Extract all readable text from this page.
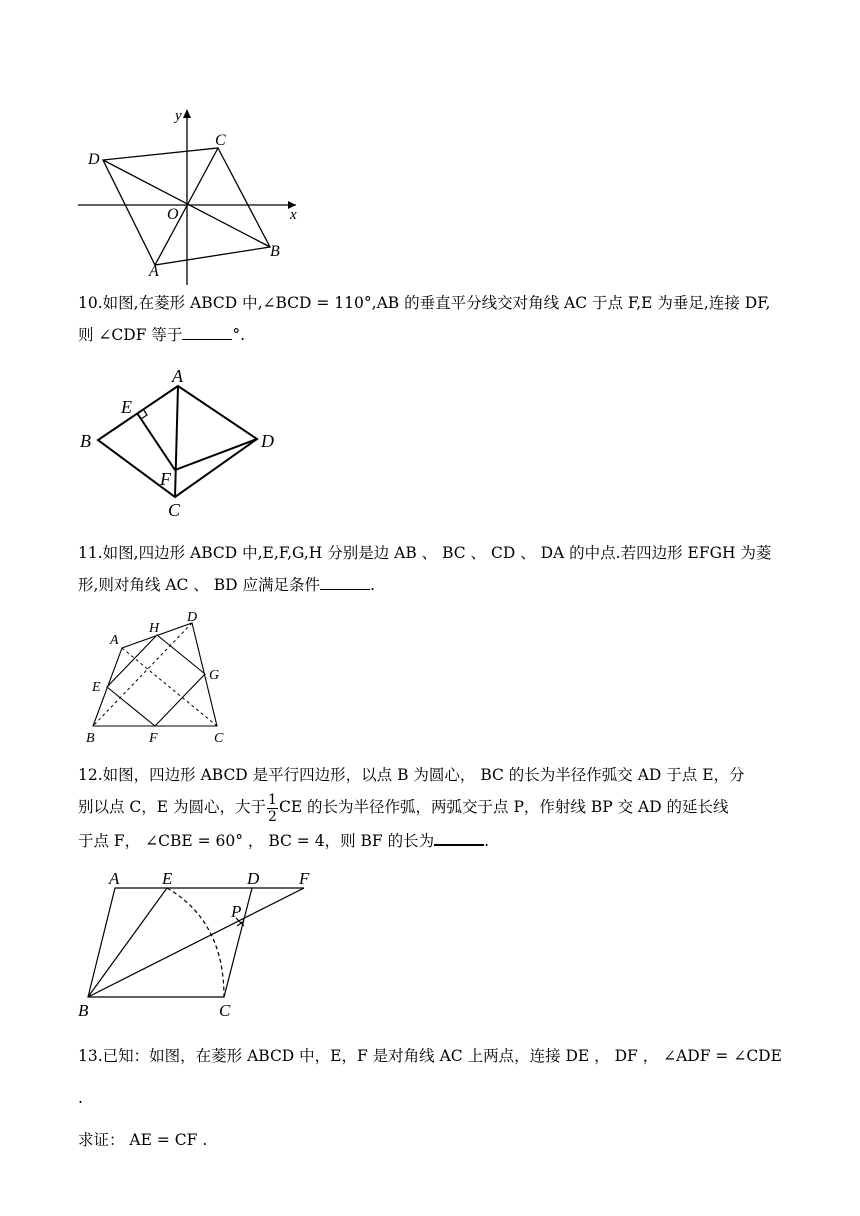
y
x
C
D
O
B
A

10.如图,在菱形 ABCD 中,∠BCD = 110°,AB 的垂直平分线交对角线 AC 于点 F,E 为垂足,连接 DF,

则 ∠CDF 等于	°.

A
E
B	D
F
C

11.如图,四边形 ABCD 中,E,F,G,H 分别是边 AB 、 BC 、 CD 、 DA 的中点.若四边形 EFGH 为菱

形,则对角线 AC 、 BD 应满足条件	.

A
H
D
E
G
B	F	C

12.如图，四边形 ABCD 是平行四边形，以点 B 为圆心， BC 的长为半径作弧交 AD 于点 E，分

别以点 C，E 为圆心，大于 $\frac{1}{2}$ CE 的长为半径作弧，两弧交于点 P，作射线 BP 交 AD 的延长线

于点 F， ∠CBE = 60° ， BC = 4，则 BF 的长为	.

A	E	D F
P
B	C

13.已知：如图，在菱形 ABCD 中，E，F 是对角线 AC 上两点，连接 DE ， DF ， ∠ADF = ∠CDE .

求证： AE = CF .
